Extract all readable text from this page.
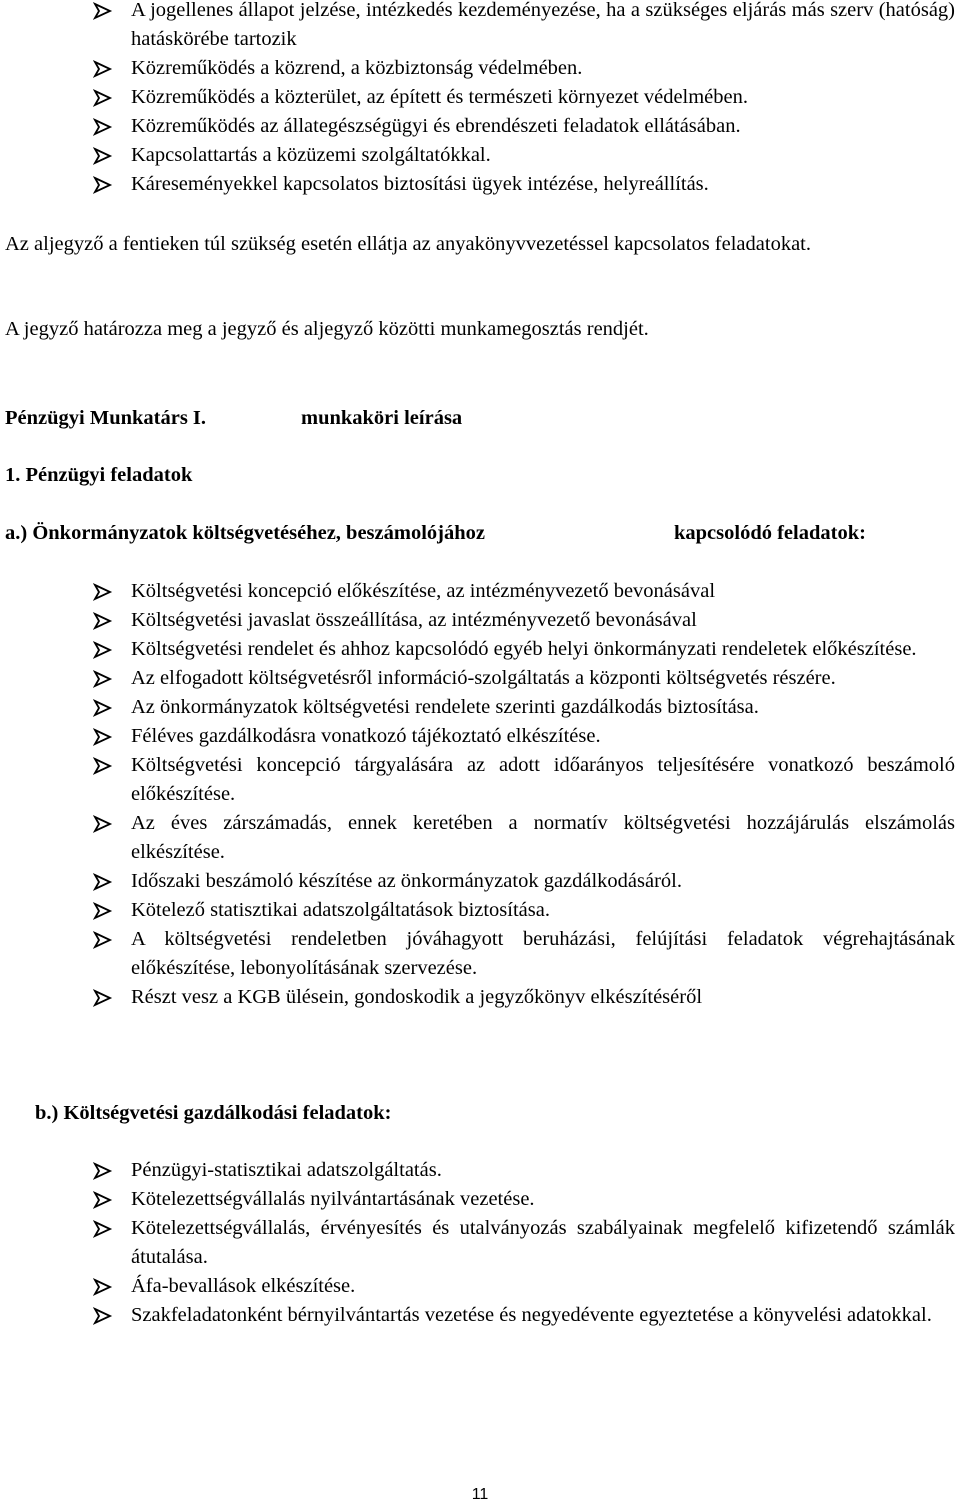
A jogellenes állapot jelzése, intézkedés kezdeményezése, ha a szükséges eljárás más szerv (hatóság) hatáskörébe tartozik
Közreműködés a közrend, a közbiztonság védelmében.
Közreműködés a közterület, az épített és természeti környezet védelmében.
Közreműködés az állategészségügyi és ebrendészeti feladatok ellátásában.
Kapcsolattartás a közüzemi szolgáltatókkal.
Káreseményekkel kapcsolatos biztosítási ügyek intézése, helyreállítás.

Az aljegyző a fentieken túl szükség esetén ellátja az anyakönyvvezetéssel kapcsolatos feladatokat.

A jegyző határozza meg a jegyző és aljegyző közötti munkamegosztás rendjét.

Pénzügyi Munkatárs I.	munkaköri leírása

1. Pénzügyi feladatok

a.) Önkormányzatok költségvetéséhez, beszámolójához	kapcsolódó feladatok:

Költségvetési koncepció előkészítése, az intézményvezető bevonásával
Költségvetési javaslat összeállítása, az intézményvezető bevonásával
Költségvetési rendelet és ahhoz kapcsolódó egyéb helyi önkormányzati rendeletek előkészítése.
Az elfogadott költségvetésről információ-szolgáltatás a központi költségvetés részére.
Az önkormányzatok költségvetési rendelete szerinti gazdálkodás biztosítása.
Féléves gazdálkodásra vonatkozó tájékoztató elkészítése.
Költségvetési koncepció tárgyalására az adott időarányos teljesítésére vonatkozó beszámoló előkészítése.
Az éves zárszámadás, ennek keretében a normatív költségvetési hozzájárulás elszámolás elkészítése.
Időszaki beszámoló készítése az önkormányzatok gazdálkodásáról.
Kötelező statisztikai adatszolgáltatások biztosítása.
A költségvetési rendeletben jóváhagyott beruházási, felújítási feladatok végrehajtásának előkészítése, lebonyolításának szervezése.
Részt vesz a KGB ülésein, gondoskodik a jegyzőkönyv elkészítéséről

b.) Költségvetési gazdálkodási feladatok:

Pénzügyi-statisztikai adatszolgáltatás.
Kötelezettségvállalás nyilvántartásának vezetése.
Kötelezettségvállalás, érvényesítés és utalványozás szabályainak megfelelő kifizetendő számlák átutalása.
Áfa-bevallások elkészítése.
Szakfeladatonként bérnyilvántartás vezetése és negyedévente egyeztetése a könyvelési adatokkal.
11
